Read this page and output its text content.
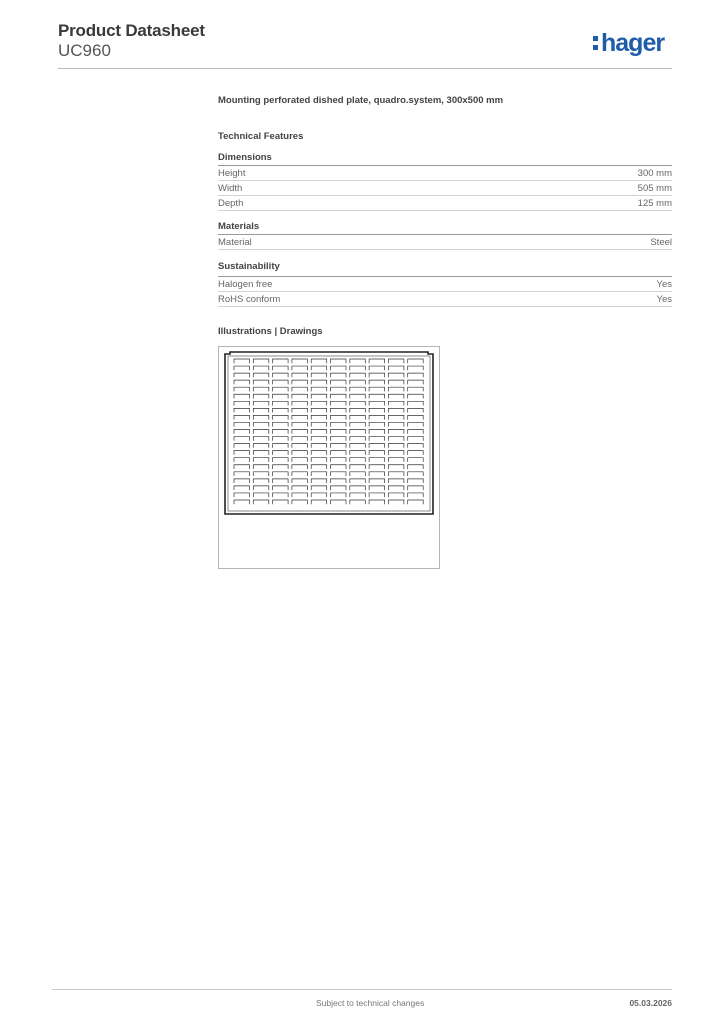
Product Datasheet
UC960	hager
Mounting perforated dished plate, quadro.system, 300x500 mm
Technical Features
Dimensions
Height	300 mm
Width	505 mm
Depth	125 mm
Materials
Material	Steel
Sustainability
Halogen free	Yes
RoHS conform	Yes
Illustrations | Drawings
Subject to technical changes	05.03.2026
